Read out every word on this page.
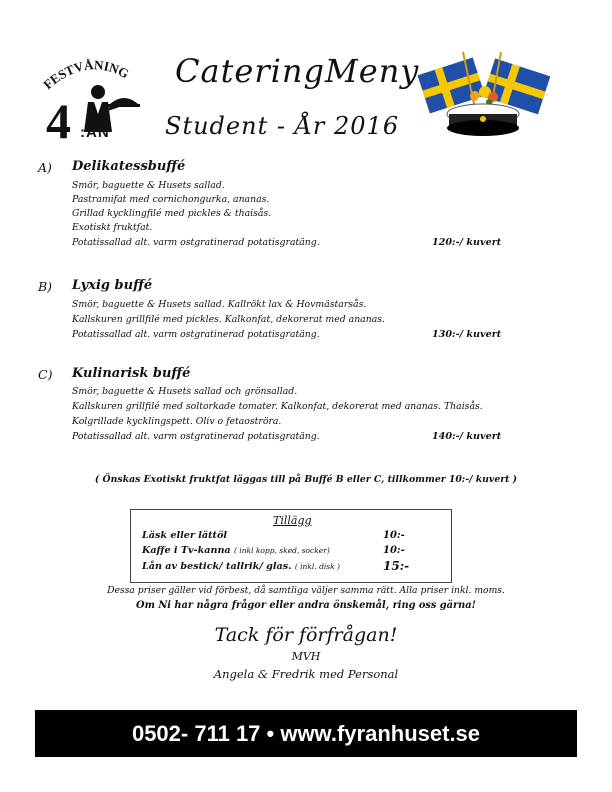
FESTVÅNING
4 :AN
CateringMeny
Student - År 2016
A) Delikatessbuffé
Smör, baguette & Husets sallad.
Pastramifat med cornichongurka, ananas.
Grillad kycklingfilé med pickles & thaisås.
Exotiskt fruktfat.
Potatissallad alt. varm ostgratinerad potatisgratäng.	120:-/ kuvert
B) Lyxig buffé
Smör, baguette & Husets sallad. Kallrökt lax & Hovmästarsås.
Kallskuren grillfilé med pickles. Kalkonfat, dekorerat med ananas.
Potatissallad alt. varm ostgratinerad potatisgratäng.	130:-/ kuvert
C) Kulinarisk buffé
Smör, baguette & Husets sallad och grönsallad.
Kallskuren grillfilé med soltorkade tomater. Kalkonfat, dekorerat med ananas. Thaisås.
Kolgrillade kycklingspett. Oliv o fetaoströra.
Potatissallad alt. varm ostgratinerad potatisgratäng.	140:-/ kuvert
( Önskas Exotiskt fruktfat läggas till på Buffé B eller C, tillkommer 10:-/ kuvert )
Tillägg
Läsk eller lättöl	10:-
Kaffe i Tv-kanna ( inkl kopp, sked, socker)	10:-
Lån av bestick/ tallrik/ glas. ( inkl. disk )	15:-
Dessa priser gäller vid förbest, då samtliga väljer samma rätt. Alla priser inkl. moms.
Om Ni har några frågor eller andra önskemål, ring oss gärna!
Tack för förfrågan!
MVH
Angela & Fredrik med Personal
0502- 711 17 • www.fyranhuset.se
